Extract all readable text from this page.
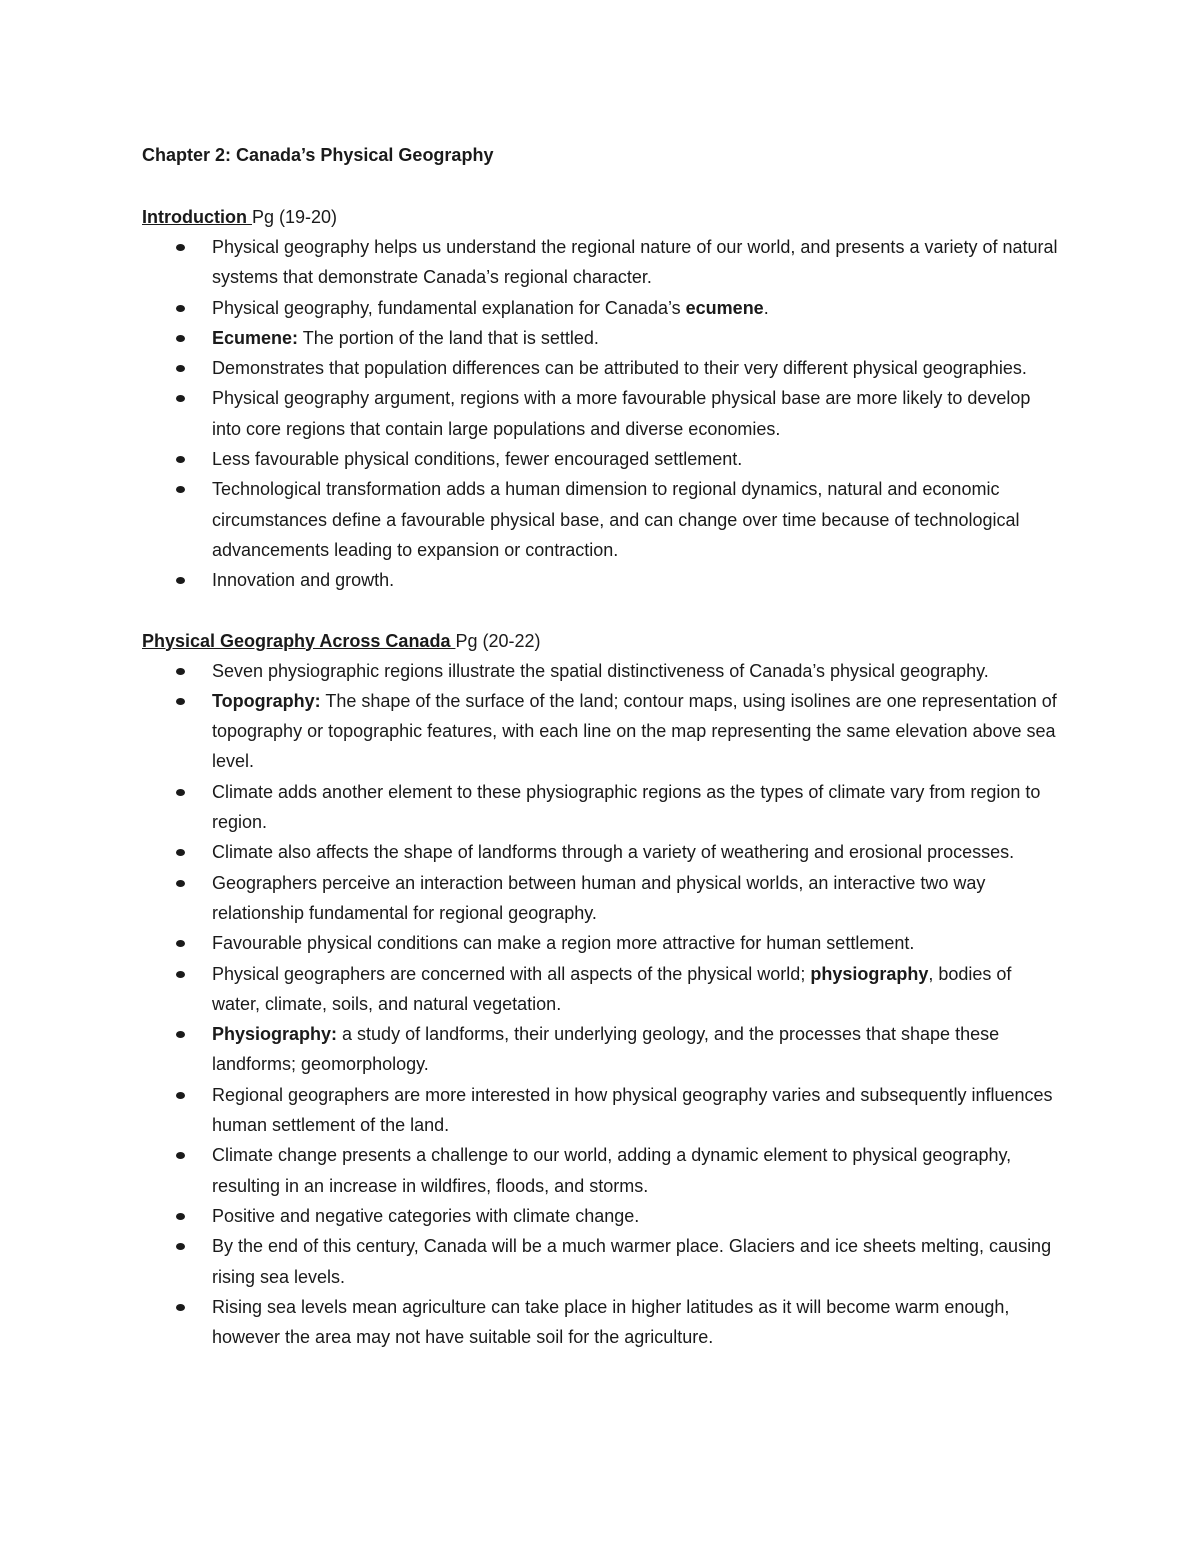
Chapter 2: Canada’s Physical Geography
Introduction Pg (19-20)
Physical geography helps us understand the regional nature of our world, and presents a variety of natural systems that demonstrate Canada’s regional character.
Physical geography, fundamental explanation for Canada’s ecumene.
Ecumene: The portion of the land that is settled.
Demonstrates that population differences can be attributed to their very different physical geographies.
Physical geography argument, regions with a more favourable physical base are more likely to develop into core regions that contain large populations and diverse economies.
Less favourable physical conditions, fewer encouraged settlement.
Technological transformation adds a human dimension to regional dynamics, natural and economic circumstances define a favourable physical base, and can change over time because of technological advancements leading to expansion or contraction.
Innovation and growth.
Physical Geography Across Canada Pg (20-22)
Seven physiographic regions illustrate the spatial distinctiveness of Canada’s physical geography.
Topography: The shape of the surface of the land; contour maps, using isolines are one representation of topography or topographic features, with each line on the map representing the same elevation above sea level.
Climate adds another element to these physiographic regions as the types of climate vary from region to region.
Climate also affects the shape of landforms through a variety of weathering and erosional processes.
Geographers perceive an interaction between human and physical worlds, an interactive two way relationship fundamental for regional geography.
Favourable physical conditions can make a region more attractive for human settlement.
Physical geographers are concerned with all aspects of the physical world; physiography, bodies of water, climate, soils, and natural vegetation.
Physiography: a study of landforms, their underlying geology, and the processes that shape these landforms; geomorphology.
Regional geographers are more interested in how physical geography varies and subsequently influences human settlement of the land.
Climate change presents a challenge to our world, adding a dynamic element to physical geography, resulting in an increase in wildfires, floods, and storms.
Positive and negative categories with climate change.
By the end of this century, Canada will be a much warmer place. Glaciers and ice sheets melting, causing rising sea levels.
Rising sea levels mean agriculture can take place in higher latitudes as it will become warm enough, however the area may not have suitable soil for the agriculture.
